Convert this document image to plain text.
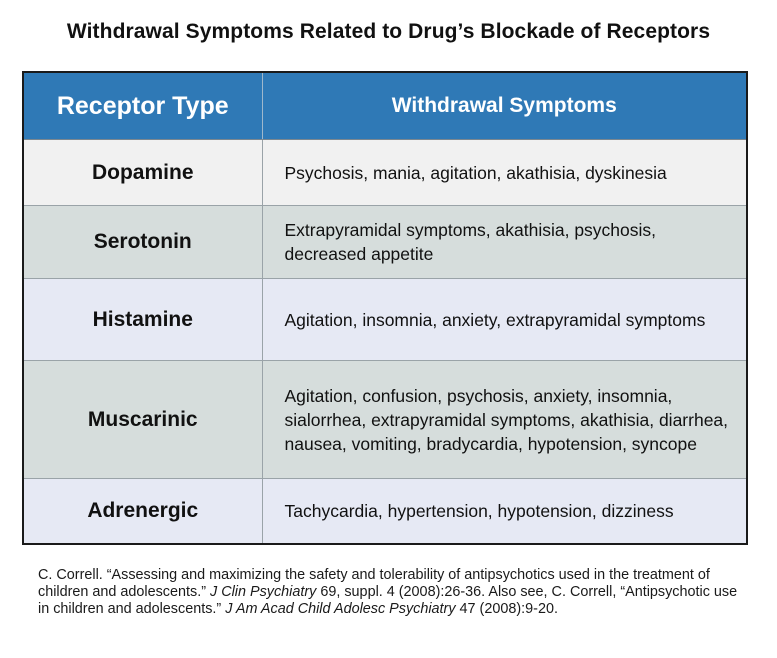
Withdrawal Symptoms Related to Drug’s Blockade of Receptors
Receptor Type	Withdrawal Symptoms
Dopamine	Psychosis, mania, agitation, akathisia, dyskinesia
Serotonin	Extrapyramidal symptoms, akathisia, psychosis, decreased appetite
Histamine	Agitation, insomnia, anxiety, extrapyramidal symptoms
Muscarinic	Agitation, confusion, psychosis, anxiety, insomnia, sialorrhea, extrapyramidal symptoms, akathisia, diarrhea, nausea, vomiting, bradycardia, hypotension, syncope
Adrenergic	Tachycardia, hypertension, hypotension, dizziness
C. Correll. “Assessing and maximizing the safety and tolerability of antipsychotics used in the treatment of children and adolescents.” J Clin Psychiatry 69, suppl. 4 (2008):26-36. Also see, C. Correll, “Antipsychotic use in children and adolescents.” J Am Acad Child Adolesc Psychiatry 47 (2008):9-20.
